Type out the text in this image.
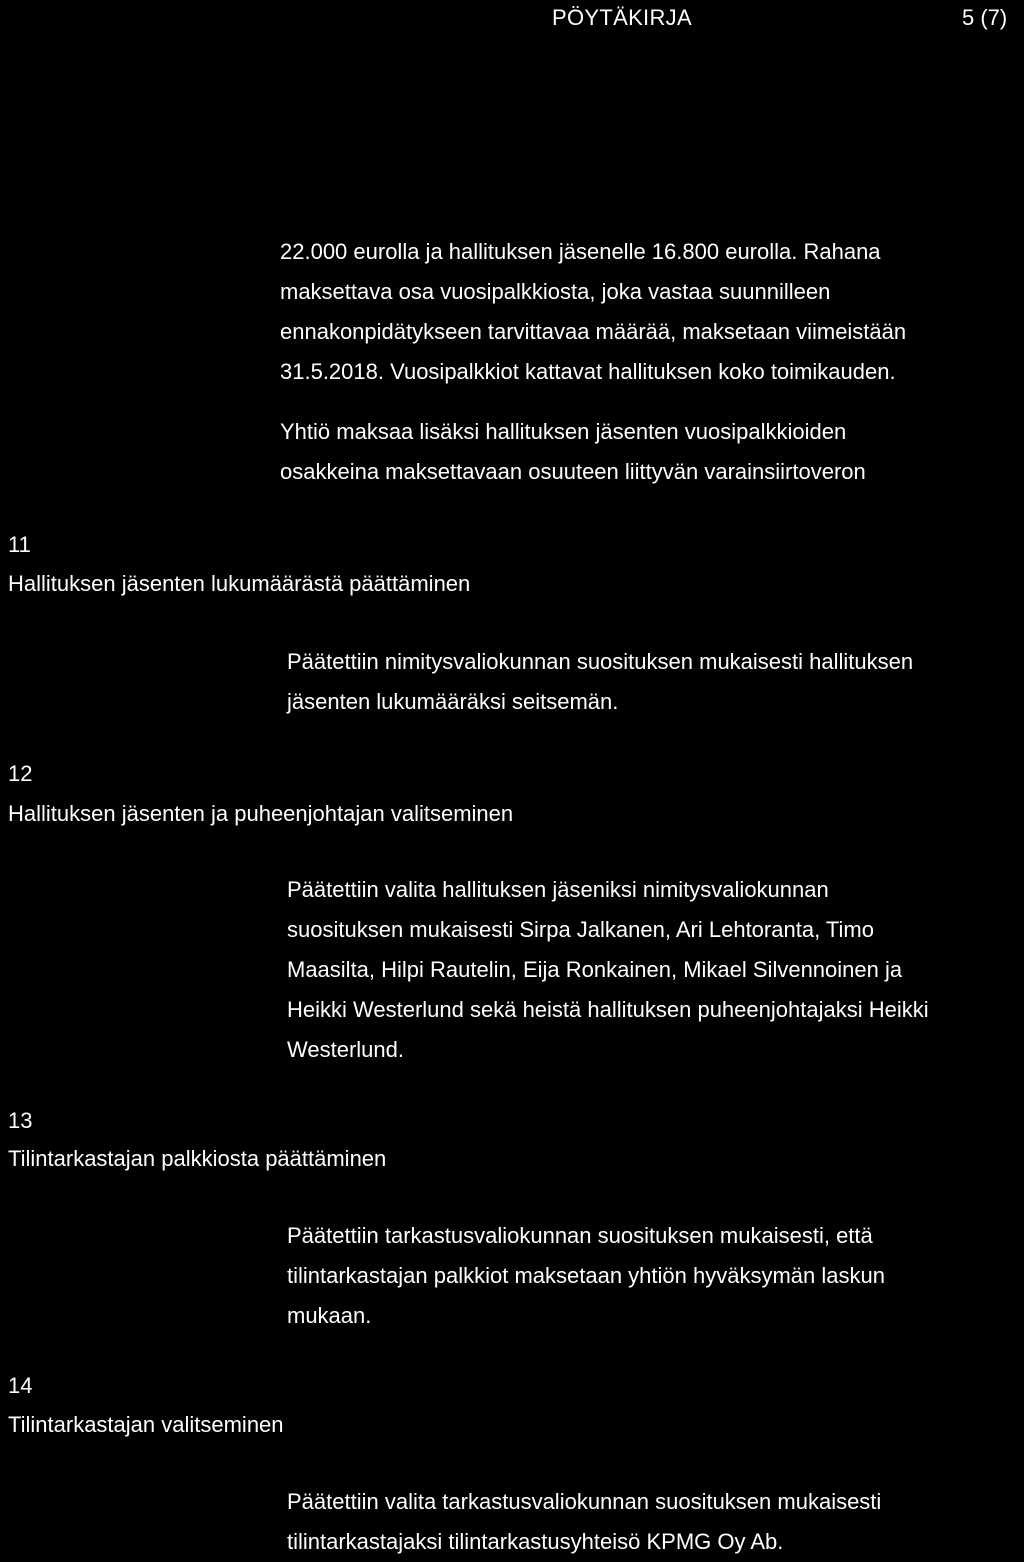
PÖYTÄKIRJA	5 (7)

22.000 eurolla ja hallituksen jäsenelle 16.800 eurolla. Rahana
maksettava osa vuosipalkkiosta, joka vastaa suunnilleen
ennakonpidätykseen tarvittavaa määrää, maksetaan viimeistään
31.5.2018. Vuosipalkkiot kattavat hallituksen koko toimikauden.

Yhtiö maksaa lisäksi hallituksen jäsenten vuosipalkkioiden
osakkeina maksettavaan osuuteen liittyvän varainsiirtoveron

11
Hallituksen jäsenten lukumäärästä päättäminen

Päätettiin nimitysvaliokunnan suosituksen mukaisesti hallituksen
jäsenten lukumääräksi seitsemän.

12
Hallituksen jäsenten ja puheenjohtajan valitseminen

Päätettiin valita hallituksen jäseniksi nimitysvaliokunnan
suosituksen mukaisesti Sirpa Jalkanen, Ari Lehtoranta, Timo
Maasilta, Hilpi Rautelin, Eija Ronkainen, Mikael Silvennoinen ja
Heikki Westerlund sekä heistä hallituksen puheenjohtajaksi Heikki
Westerlund.

13
Tilintarkastajan palkkiosta päättäminen

Päätettiin tarkastusvaliokunnan suosituksen mukaisesti, että
tilintarkastajan palkkiot maksetaan yhtiön hyväksymän laskun
mukaan.

14
Tilintarkastajan valitseminen

Päätettiin valita tarkastusvaliokunnan suosituksen mukaisesti
tilintarkastajaksi tilintarkastusyhteisö KPMG Oy Ab.
